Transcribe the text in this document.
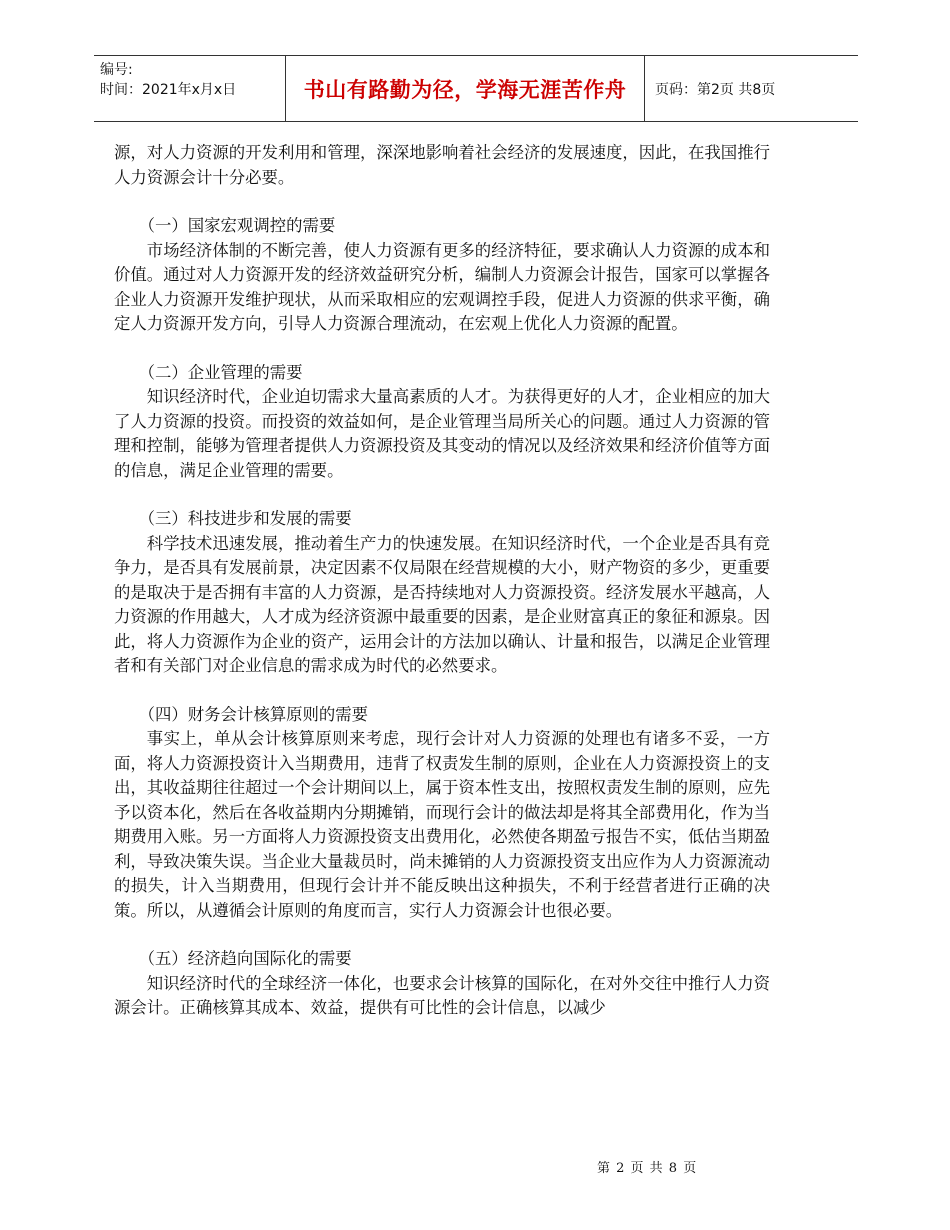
编号:
时间：2021年x月x日	书山有路勤为径，学海无涯苦作舟	页码：第2页 共8页

源，对人力资源的开发利用和管理，深深地影响着社会经济的发展速度，因此，在我国推行人力资源会计十分必要。

（一）国家宏观调控的需要

市场经济体制的不断完善，使人力资源有更多的经济特征，要求确认人力资源的成本和价值。通过对人力资源开发的经济效益研究分析，编制人力资源会计报告，国家可以掌握各企业人力资源开发维护现状，从而采取相应的宏观调控手段，促进人力资源的供求平衡，确定人力资源开发方向，引导人力资源合理流动，在宏观上优化人力资源的配置。

（二）企业管理的需要

知识经济时代，企业迫切需求大量高素质的人才。为获得更好的人才，企业相应的加大了人力资源的投资。而投资的效益如何，是企业管理当局所关心的问题。通过人力资源的管理和控制，能够为管理者提供人力资源投资及其变动的情况以及经济效果和经济价值等方面的信息，满足企业管理的需要。

（三）科技进步和发展的需要

科学技术迅速发展，推动着生产力的快速发展。在知识经济时代，一个企业是否具有竞争力，是否具有发展前景，决定因素不仅局限在经营规模的大小，财产物资的多少，更重要的是取决于是否拥有丰富的人力资源，是否持续地对人力资源投资。经济发展水平越高，人力资源的作用越大，人才成为经济资源中最重要的因素，是企业财富真正的象征和源泉。因此，将人力资源作为企业的资产，运用会计的方法加以确认、计量和报告，以满足企业管理者和有关部门对企业信息的需求成为时代的必然要求。

（四）财务会计核算原则的需要

事实上，单从会计核算原则来考虑，现行会计对人力资源的处理也有诸多不妥，一方面，将人力资源投资计入当期费用，违背了权责发生制的原则，企业在人力资源投资上的支出，其收益期往往超过一个会计期间以上，属于资本性支出，按照权责发生制的原则，应先予以资本化，然后在各收益期内分期摊销，而现行会计的做法却是将其全部费用化，作为当期费用入账。另一方面将人力资源投资支出费用化，必然使各期盈亏报告不实，低估当期盈利，导致决策失误。当企业大量裁员时，尚未摊销的人力资源投资支出应作为人力资源流动的损失，计入当期费用，但现行会计并不能反映出这种损失，不利于经营者进行正确的决策。所以，从遵循会计原则的角度而言，实行人力资源会计也很必要。

（五）经济趋向国际化的需要

知识经济时代的全球经济一体化，也要求会计核算的国际化，在对外交往中推行人力资源会计。正确核算其成本、效益，提供有可比性的会计信息，以减少

第 2 页 共 8 页
